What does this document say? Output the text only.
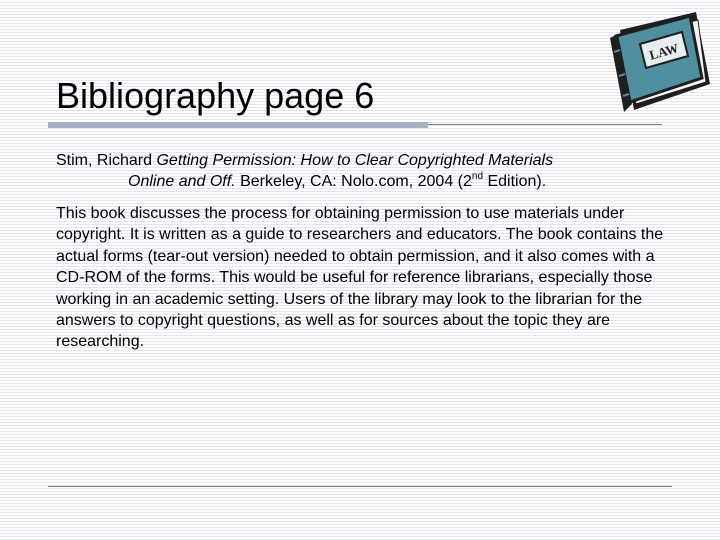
Bibliography page 6
LAW

Stim, Richard Getting Permission: How to Clear Copyrighted Materials
Online and Off. Berkeley, CA: Nolo.com, 2004 (2nd Edition).

This book discusses the process for obtaining permission to use materials under copyright. It is written as a guide to researchers and educators. The book contains the actual forms (tear-out version) needed to obtain permission, and it also comes with a CD-ROM of the forms. This would be useful for reference librarians, especially those working in an academic setting. Users of the library may look to the librarian for the answers to copyright questions, as well as for sources about the topic they are researching.
